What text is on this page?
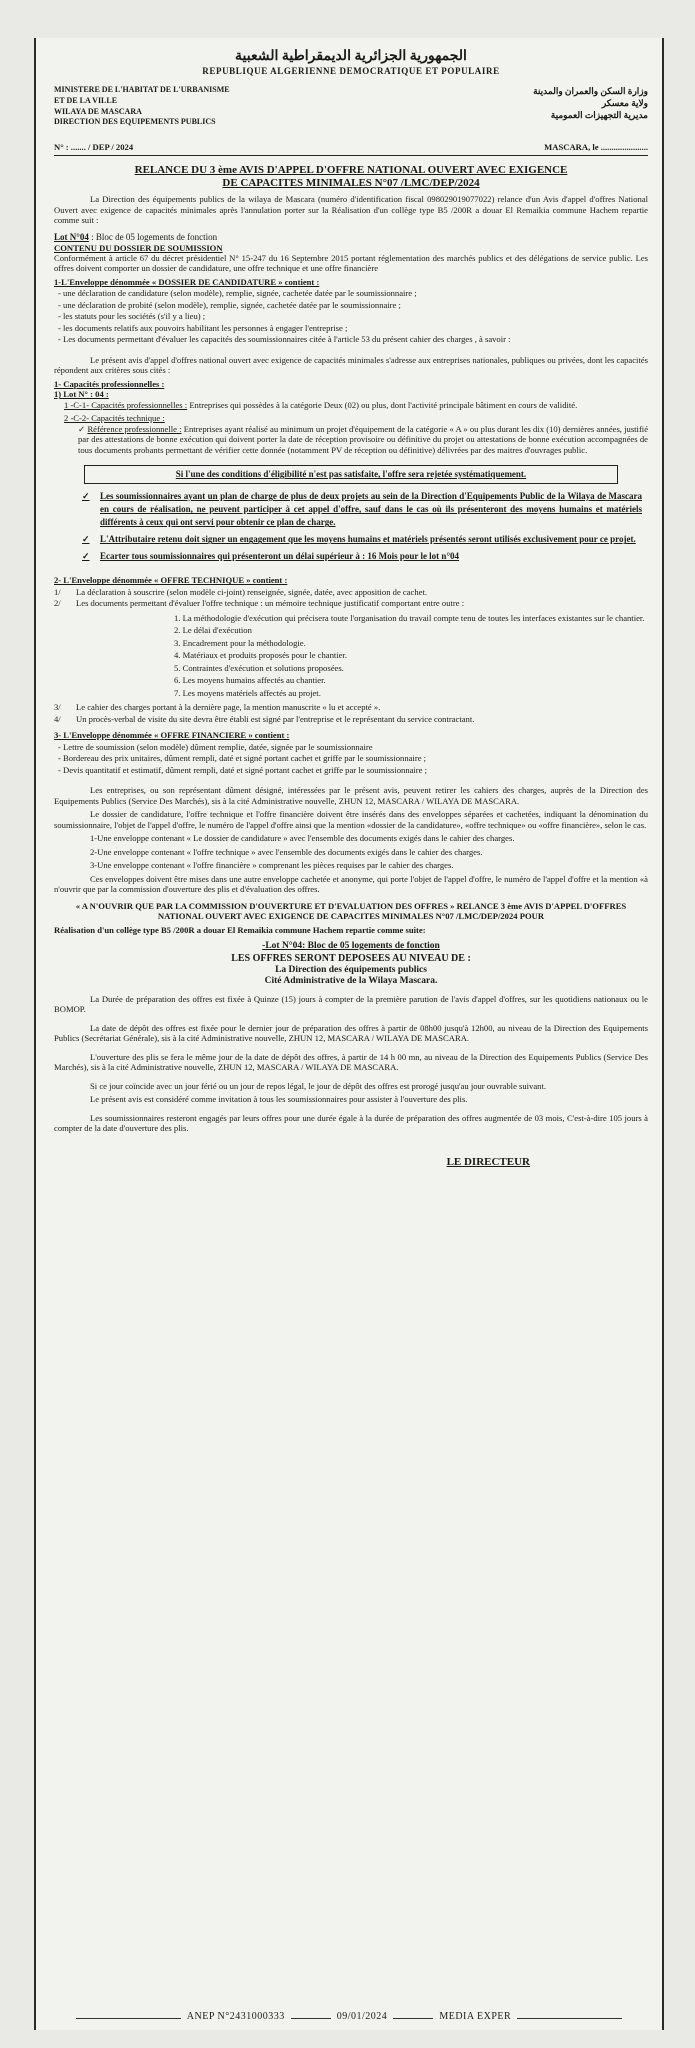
الجمهورية الجزائرية الديمقراطية الشعبية
REPUBLIQUE ALGERIENNE DEMOCRATIQUE ET POPULAIRE
MINISTERE DE L'HABITAT DE L'URBANISME
ET DE LA VILLE
WILAYA DE MASCARA
DIRECTION DES EQUIPEMENTS PUBLICS
وزارة السكن والعمران والمدينة
ولاية معسكر
مديرية التجهيزات العمومية
N° : ....... / DEP / 2024	MASCARA, le ......................
RELANCE DU 3 ème AVIS D'APPEL D'OFFRE NATIONAL OUVERT AVEC EXIGENCE
DE CAPACITES MINIMALES N°07 /LMC/DEP/2024

La Direction des équipements publics de la wilaya de Mascara (numéro d'identification fiscal 098029019077022) relance d'un Avis d'appel d'offres National Ouvert avec exigence de capacités minimales après l'annulation porter sur la Réalisation d'un collège type B5 /200R a douar El Remaikia commune Hachem repartie comme suit :

Lot N°04 : Bloc de 05 logements de fonction
CONTENU DU DOSSIER DE SOUMISSION

Conformément à article 67 du décret présidentiel N° 15-247 du 16 Septembre 2015 portant réglementation des marchés publics et des délégations de service public. Les offres doivent comporter un dossier de candidature, une offre technique et une offre financière

1-L'Enveloppe dénommée « DOSSIER DE CANDIDATURE » contient :
- une déclaration de candidature (selon modèle), remplie, signée, cachetée datée par le soumissionnaire ;
- une déclaration de probité (selon modèle), remplie, signée, cachetée datée par le soumissionnaire ;
- les statuts pour les sociétés (s'il y a lieu) ;
- les documents relatifs aux pouvoirs habilitant les personnes à engager l'entreprise ;
- Les documents permettant d'évaluer les capacités des soumissionnaires citée à l'article 53 du présent cahier des charges , à savoir :

Le présent avis d'appel d'offres national ouvert avec exigence de capacités minimales s'adresse aux entreprises nationales, publiques ou privées, dont les capacités répondent aux critères sous cités :

1- Capacités professionnelles :
1) Lot N° : 04 :

1 -C-1- Capacités professionnelles : Entreprises qui possèdes à la catégorie Deux (02) ou plus, dont l'activité principale bâtiment en cours de validité.

2 -C-2- Capacités technique :

✓ Référence professionnelle : Entreprises ayant réalisé au minimum un projet d'équipement de la catégorie « A » ou plus durant les dix (10) dernières années, justifié par des attestations de bonne exécution qui doivent porter la date de réception provisoire ou définitive du projet ou attestations de bonne exécution accompagnées de tous documents probants permettant de vérifier cette donnée (notamment PV de réception ou définitive) délivrées par des maitres d'ouvrages public.

Si l'une des conditions d'éligibilité n'est pas satisfaite, l'offre sera rejetée systématiquement.
✓	Les soumissionnaires ayant un plan de charge de plus de deux projets au sein de la Direction d'Equipements Public de la Wilaya de Mascara en cours de réalisation, ne peuvent participer à cet appel d'offre, sauf dans le cas où ils présenteront des moyens humains et matériels différents à ceux qui ont servi pour obtenir ce plan de charge.
✓	L'Attributaire retenu doit signer un engagement que les moyens humains et matériels présentés seront utilisés exclusivement pour ce projet.
✓	Ecarter tous soumissionnaires qui présenteront un délai supérieur à : 16 Mois pour le lot n°04
2- L'Enveloppe dénommée « OFFRE TECHNIQUE » contient :
1/	La déclaration à souscrire (selon modèle ci-joint) renseignée, signée, datée, avec apposition de cachet.
2/	Les documents permettant d'évaluer l'offre technique : un mémoire technique justificatif comportant entre outre :
1. La méthodologie d'exécution qui précisera toute l'organisation du travail compte tenu de toutes les interfaces existantes sur le chantier.
2. Le délai d'exécution
3. Encadrement pour la méthodologie.
4. Matériaux et produits proposés pour le chantier.
5. Contraintes d'exécution et solutions proposées.
6. Les moyens humains affectés au chantier.
7. Les moyens matériels affectés au projet.
3/	Le cahier des charges portant à la dernière page, la mention manuscrite « lu et accepté ».
4/	Un procès-verbal de visite du site devra être établi est signé par l'entreprise et le représentant du service contractant.
3- L'Enveloppe dénommée « OFFRE FINANCIERE » contient :
- Lettre de soumission (selon modèle) dûment remplie, datée, signée par le soumissionnaire
- Bordereau des prix unitaires, dûment rempli, daté et signé portant cachet et griffe par le soumissionnaire ;
- Devis quantitatif et estimatif, dûment rempli, daté et signé portant cachet et griffe par le soumissionnaire ;

Les entreprises, ou son représentant dûment désigné, intéressées par le présent avis, peuvent retirer les cahiers des charges, auprès de la Direction des Equipements Publics (Service Des Marchés), sis à la cité Administrative nouvelle, ZHUN 12, MASCARA / WILAYA DE MASCARA.

Le dossier de candidature, l'offre technique et l'offre financière doivent être insérés dans des enveloppes séparées et cachetées, indiquant la dénomination du soumissionnaire, l'objet de l'appel d'offre, le numéro de l'appel d'offre ainsi que la mention «dossier de la candidature», «offre technique» ou «offre financière», selon le cas.

1-Une enveloppe contenant « Le dossier de candidature » avec l'ensemble des documents exigés dans le cahier des charges.

2-Une enveloppe contenant « l'offre technique » avec l'ensemble des documents exigés dans le cahier des charges.

3-Une enveloppe contenant « l'offre financière » comprenant les pièces requises par le cahier des charges.

Ces enveloppes doivent être mises dans une autre enveloppe cachetée et anonyme, qui porte l'objet de l'appel d'offre, le numéro de l'appel d'offre et la mention «à n'ouvrir que par la commission d'ouverture des plis et d'évaluation des offres.

« A N'OUVRIR QUE PAR LA COMMISSION D'OUVERTURE ET D'EVALUATION DES OFFRES » RELANCE 3 ème AVIS D'APPEL D'OFFRES NATIONAL OUVERT AVEC EXIGENCE DE CAPACITES MINIMALES N°07 /LMC/DEP/2024 POUR

Réalisation d'un collège type B5 /200R a douar El Remaikia commune Hachem repartie comme suite:

-Lot N°04: Bloc de 05 logements de fonction
LES OFFRES SERONT DEPOSEES AU NIVEAU DE :
La Direction des équipements publics
Cité Administrative de la Wilaya Mascara.

La Durée de préparation des offres est fixée à Quinze (15) jours à compter de la première parution de l'avis d'appel d'offres, sur les quotidiens nationaux ou le BOMOP.

La date de dépôt des offres est fixée pour le dernier jour de préparation des offres à partir de 08h00 jusqu'à 12h00, au niveau de la Direction des Equipements Publics (Secrétariat Générale), sis à la cité Administrative nouvelle, ZHUN 12, MASCARA / WILAYA DE MASCARA.

L'ouverture des plis se fera le même jour de la date de dépôt des offres, à partir de 14 h 00 mn, au niveau de la Direction des Equipements Publics (Service Des Marchés), sis à la cité Administrative nouvelle, ZHUN 12, MASCARA / WILAYA DE MASCARA.

Si ce jour coïncide avec un jour férié ou un jour de repos légal, le jour de dépôt des offres est prorogé jusqu'au jour ouvrable suivant.

Le présent avis est considéré comme invitation à tous les soumissionnaires pour assister à l'ouverture des plis.

Les soumissionnaires resteront engagés par leurs offres pour une durée égale à la durée de préparation des offres augmentée de 03 mois, C'est-à-dire 105 jours à compter de la date d'ouverture des plis.

LE DIRECTEUR
ANEP N°2431000333	09/01/2024	MEDIA EXPER
